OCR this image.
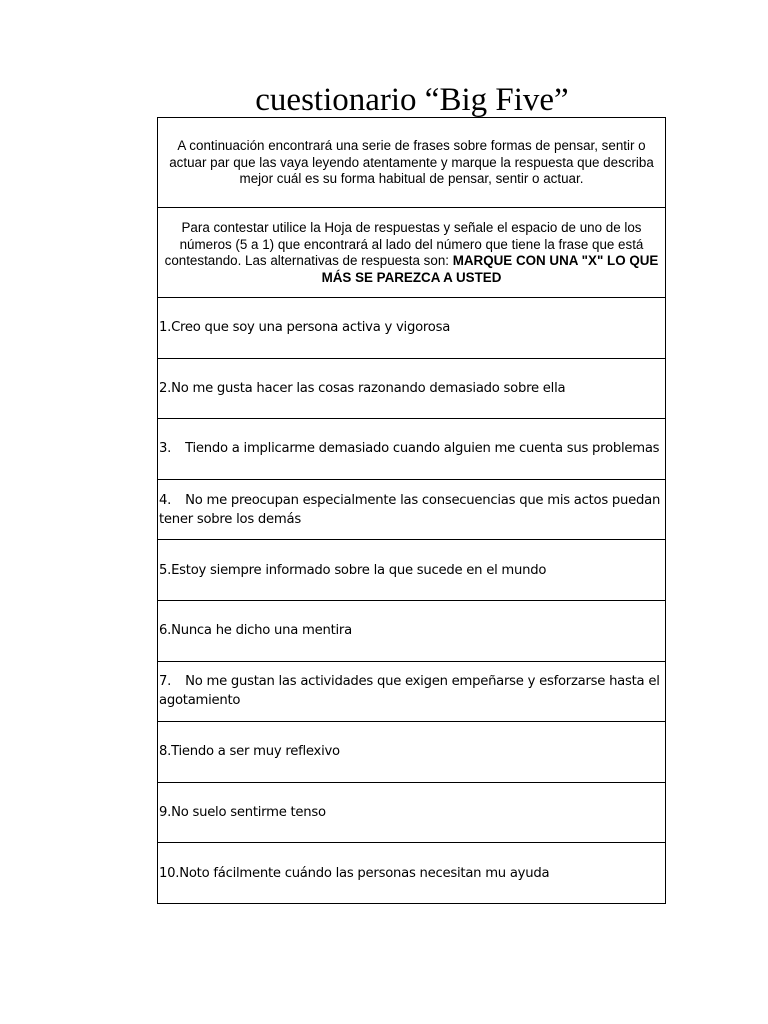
cuestionario “Big Five”
A continuación encontrará una serie de frases sobre formas de pensar, sentir o actuar par que las vaya leyendo atentamente y marque la respuesta que describa mejor cuál es su forma habitual de pensar, sentir o actuar.
Para contestar utilice la Hoja de respuestas y señale el espacio de uno de los números (5 a 1) que encontrará al lado del número que tiene la frase que está contestando. Las alternativas de respuesta son: MARQUE CON UNA "X" LO QUE MÁS SE PAREZCA A USTED
1.Creo que soy una persona activa y vigorosa
2.No me gusta hacer las cosas razonando demasiado sobre ella
3. Tiendo a implicarme demasiado cuando alguien me cuenta sus problemas
4. No me preocupan especialmente las consecuencias que mis actos puedan tener sobre los demás
5.Estoy siempre informado sobre la que sucede en el mundo
6.Nunca he dicho una mentira
7. No me gustan las actividades que exigen empeñarse y esforzarse hasta el agotamiento
8.Tiendo a ser muy reflexivo
9.No suelo sentirme tenso
10.Noto fácilmente cuándo las personas necesitan mu ayuda
